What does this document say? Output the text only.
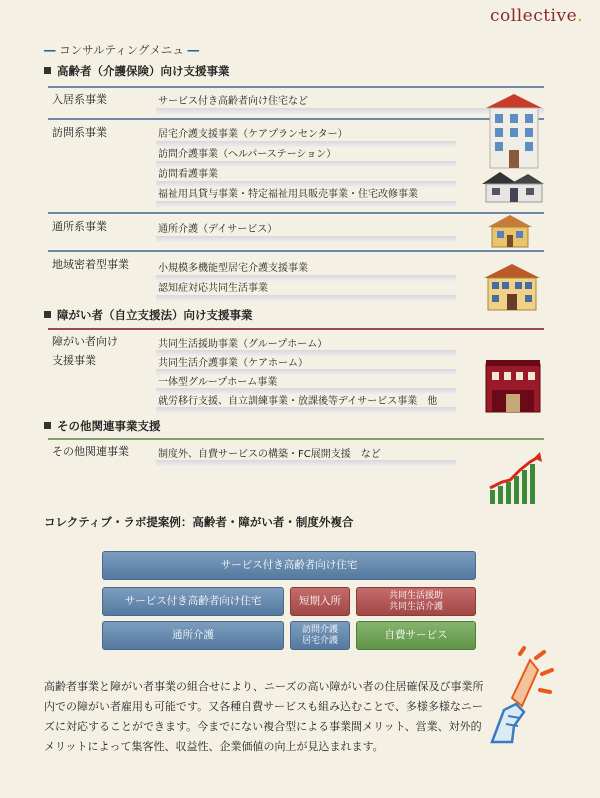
collective.
― コンサルティングメニュ ―
高齢者（介護保険）向け支援事業
入居系事業	サービス付き高齢者向け住宅など
訪問系事業	居宅介護支援事業（ケアプランセンター）
訪問介護事業（ヘルパーステーション）
訪問看護事業
福祉用具貸与事業・特定福祉用具販売事業・住宅改修事業
通所系事業	通所介護（デイサービス）
地域密着型事業	小規模多機能型居宅介護支援事業
認知症対応共同生活事業
障がい者（自立支援法）向け支援事業
障がい者向け
支援事業
共同生活援助事業（グループホーム）
共同生活介護事業（ケアホーム）
一体型グループホーム事業
就労移行支援、自立訓練事業・放課後等デイサービス事業　他
その他関連事業支援
その他関連事業	制度外、自費サービスの構築・FC展開支援　など
コレクティブ・ラボ提案例：高齢者・障がい者・制度外複合
サービス付き高齢者向け住宅
サービス付き高齢者向け住宅	短期入所	共同生活援助
共同生活介護
通所介護	訪問介護
居宅介護	自費サービス
高齢者事業と障がい者事業の組合せにより、ニーズの高い障がい者の住居確保及び事業所内での障がい者雇用も可能です。又各種自費サービスも組み込むことで、多様多様なニーズに対応することができます。今までにない複合型による事業間メリット、営業、対外的メリットによって集客性、収益性、企業価値の向上が見込まれます。
